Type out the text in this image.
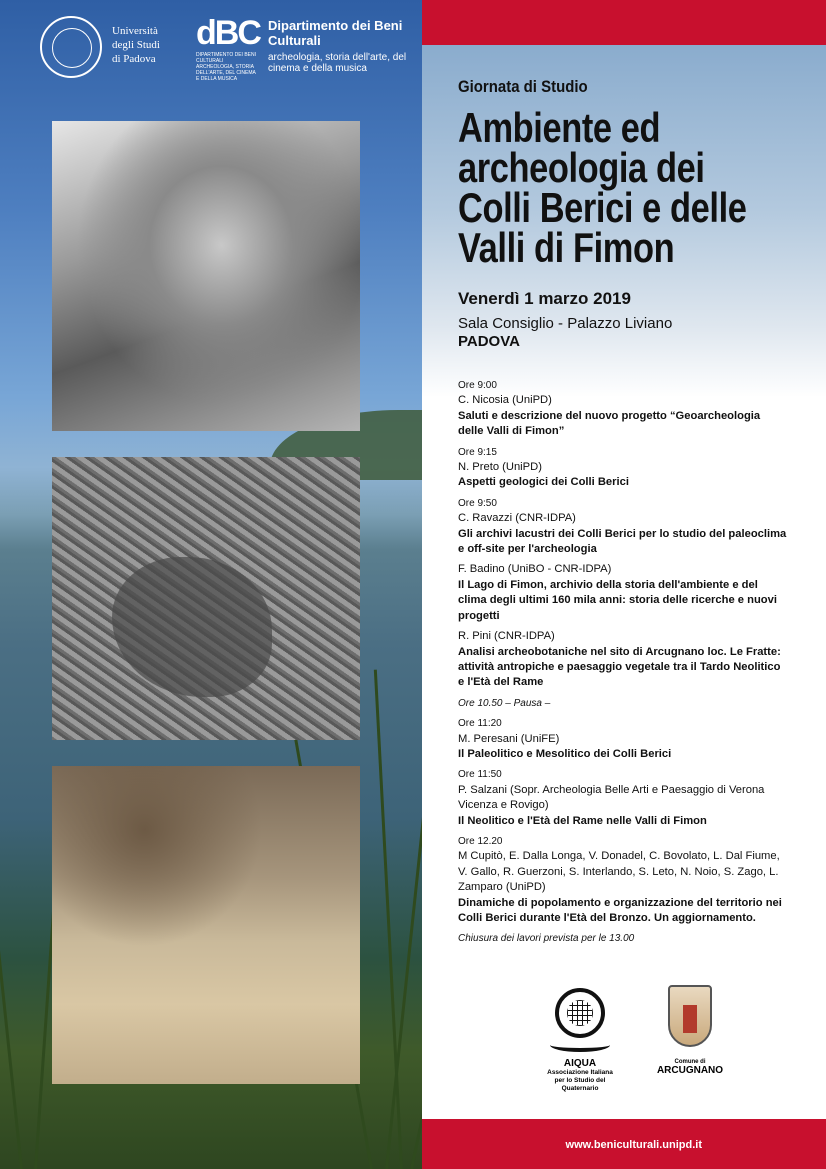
Università
degli Studi
di Padova
dBC
DIPARTIMENTO DEI BENI CULTURALI ARCHEOLOGIA, STORIA DELL'ARTE, DEL CINEMA E DELLA MUSICA
Dipartimento dei Beni Culturali
archeologia, storia dell'arte, del cinema e della musica
Giornata di Studio
Ambiente ed archeologia dei Colli Berici e delle Valli di Fimon
Venerdì 1 marzo 2019
Sala Consiglio - Palazzo Liviano
PADOVA
Ore 9:00
C. Nicosia (UniPD)
Saluti e descrizione del nuovo progetto “Geoarcheologia delle Valli di Fimon”
Ore 9:15
N. Preto (UniPD)
Aspetti geologici dei Colli Berici
Ore 9:50
C. Ravazzi (CNR-IDPA)
Gli archivi lacustri dei Colli Berici per lo studio del paleoclima e off-site per l'archeologia
F. Badino (UniBO - CNR-IDPA)
Il Lago di Fimon, archivio della storia dell'ambiente e del clima degli ultimi 160 mila anni: storia delle ricerche e nuovi progetti
R. Pini (CNR-IDPA)
Analisi archeobotaniche nel sito di Arcugnano loc. Le Fratte: attività antropiche e paesaggio vegetale tra il Tardo Neolitico e l'Età del Rame
Ore 10.50 – Pausa –
Ore 11:20
M. Peresani (UniFE)
Il Paleolitico e Mesolitico dei Colli Berici
Ore 11:50
P. Salzani (Sopr. Archeologia Belle Arti e Paesaggio di Verona Vicenza e Rovigo)
Il Neolitico e l'Età del Rame nelle Valli di Fimon
Ore 12.20
M Cupitò, E. Dalla Longa, V. Donadel, C. Bovolato, L. Dal Fiume, V. Gallo, R. Guerzoni, S. Interlando, S. Leto, N. Noio, S. Zago, L. Zamparo (UniPD)
Dinamiche di popolamento e organizzazione del territorio nei Colli Berici durante l'Età del Bronzo. Un aggiornamento.
Chiusura dei lavori prevista per le 13.00
AIQUA
Associazione Italiana
per lo Studio del Quaternario
Comune di
ARCUGNANO
www.beniculturali.unipd.it
